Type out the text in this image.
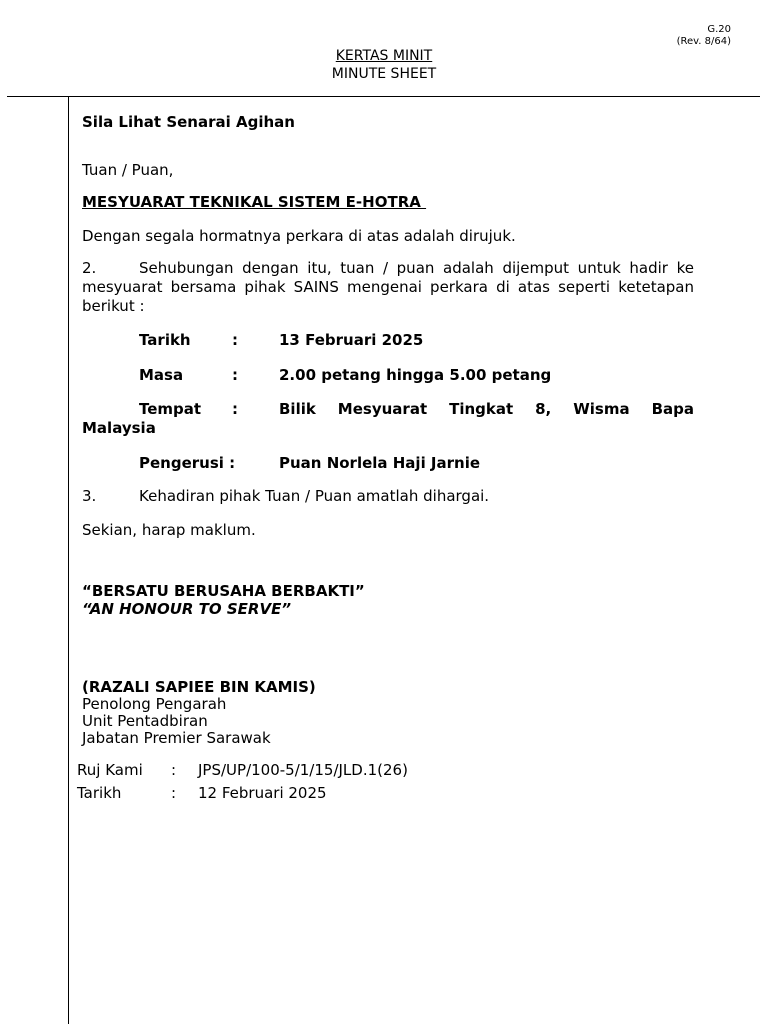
G.20
(Rev. 8/64)
KERTAS MINIT
MINUTE SHEET
Sila Lihat Senarai Agihan
Tuan / Puan,
MESYUARAT TEKNIKAL SISTEM E-HOTRA
Dengan segala hormatnya perkara di atas adalah dirujuk.
2.	Sehubungan dengan itu, tuan / puan adalah dijemput untuk hadir ke
mesyuarat bersama pihak SAINS mengenai perkara di atas seperti ketetapan
berikut :
Tarikh	:	13 Februari 2025
Masa	:	2.00 petang hingga 5.00 petang
Tempat :	Bilik Mesyuarat Tingkat 8, Wisma Bapa
Malaysia
Pengerusi :	Puan Norlela Haji Jarnie
3.	Kehadiran pihak Tuan / Puan amatlah dihargai.
Sekian, harap maklum.
“BERSATU BERUSAHA BERBAKTI”
“AN HONOUR TO SERVE”
(RAZALI SAPIEE BIN KAMIS)
Penolong Pengarah
Unit Pentadbiran
Jabatan Premier Sarawak
Ruj Kami : JPS/UP/100-5/1/15/JLD.1(26)
Tarikh	: 12 Februari 2025
